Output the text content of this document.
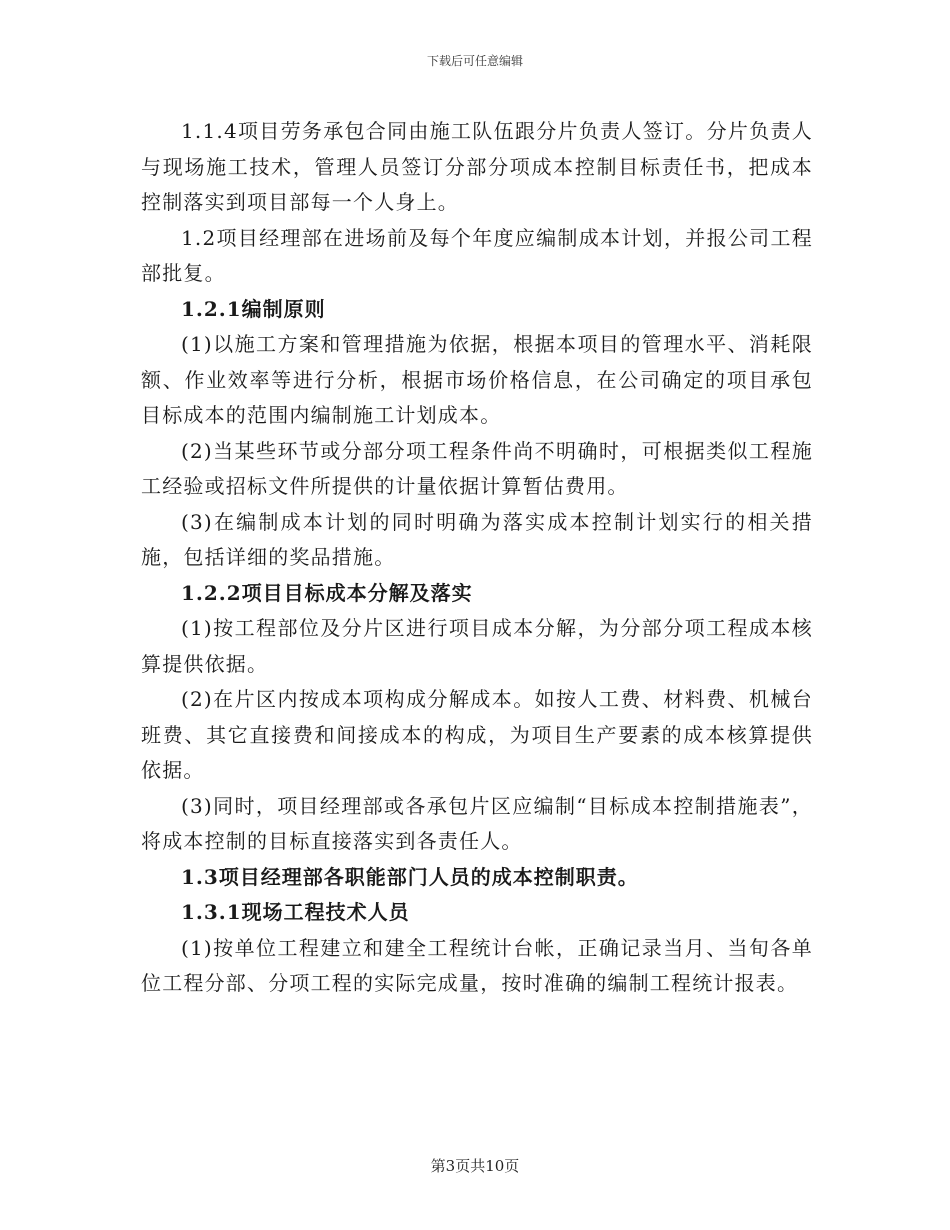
下载后可任意编辑

1.1.4项目劳务承包合同由施工队伍跟分片负责人签订。分片负责人与现场施工技术，管理人员签订分部分项成本控制目标责任书，把成本控制落实到项目部每一个人身上。

1.2项目经理部在进场前及每个年度应编制成本计划，并报公司工程部批复。

1.2.1编制原则

(1)以施工方案和管理措施为依据，根据本项目的管理水平、消耗限额、作业效率等进行分析，根据市场价格信息，在公司确定的项目承包目标成本的范围内编制施工计划成本。

(2)当某些环节或分部分项工程条件尚不明确时，可根据类似工程施工经验或招标文件所提供的计量依据计算暂估费用。

(3)在编制成本计划的同时明确为落实成本控制计划实行的相关措施，包括详细的奖品措施。

1.2.2项目目标成本分解及落实

(1)按工程部位及分片区进行项目成本分解，为分部分项工程成本核算提供依据。

(2)在片区内按成本项构成分解成本。如按人工费、材料费、机械台班费、其它直接费和间接成本的构成，为项目生产要素的成本核算提供依据。

(3)同时，项目经理部或各承包片区应编制“目标成本控制措施表”，将成本控制的目标直接落实到各责任人。

1.3项目经理部各职能部门人员的成本控制职责。

1.3.1现场工程技术人员

(1)按单位工程建立和建全工程统计台帐，正确记录当月、当旬各单位工程分部、分项工程的实际完成量，按时准确的编制工程统计报表。

第3页共10页
